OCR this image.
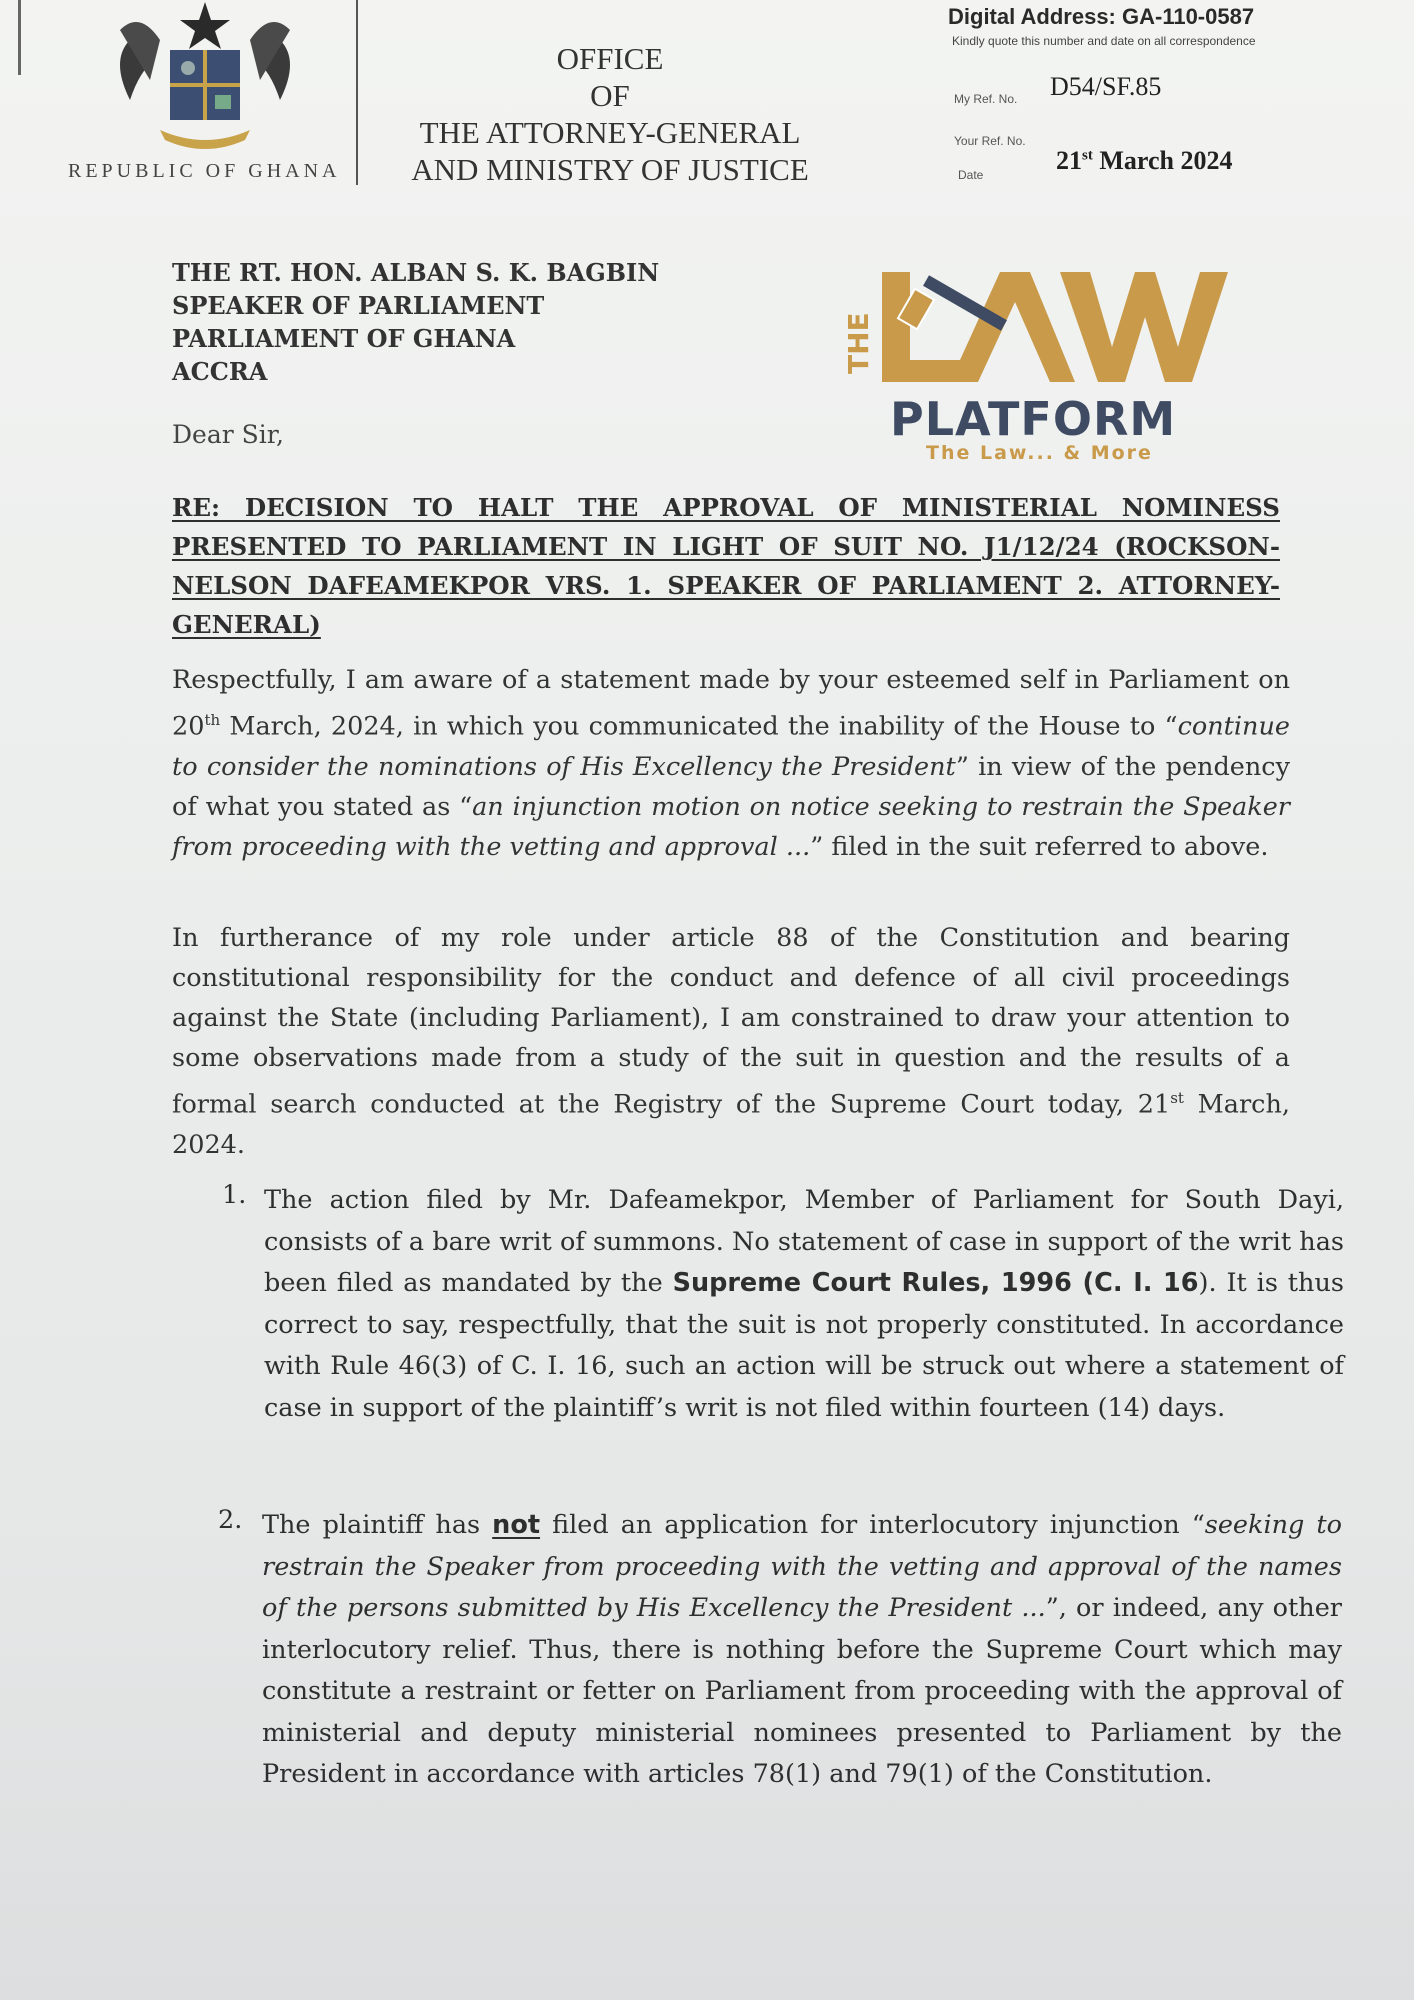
REPUBLIC OF GHANA
OFFICE
OF
THE ATTORNEY-GENERAL
AND MINISTRY OF JUSTICE
Digital Address: GA-110-0587
Kindly quote this number and date on all correspondence
My Ref. No. D54/SF.85
Your Ref. No.
Date	21st March 2024
THE
PLATFORM
The Law... & More
THE RT. HON. ALBAN S. K. BAGBIN
SPEAKER OF PARLIAMENT
PARLIAMENT OF GHANA
ACCRA
Dear Sir,
RE: DECISION TO HALT THE APPROVAL OF MINISTERIAL NOMINESS PRESENTED TO PARLIAMENT IN LIGHT OF SUIT NO. J1/12/24 (ROCKSON-NELSON DAFEAMEKPOR VRS. 1. SPEAKER OF PARLIAMENT 2. ATTORNEY-GENERAL)
Respectfully, I am aware of a statement made by your esteemed self in Parliament on 20th March, 2024, in which you communicated the inability of the House to “continue to consider the nominations of His Excellency the President” in view of the pendency of what you stated as “an injunction motion on notice seeking to restrain the Speaker from proceeding with the vetting and approval ...” filed in the suit referred to above.
In furtherance of my role under article 88 of the Constitution and bearing constitutional responsibility for the conduct and defence of all civil proceedings against the State (including Parliament), I am constrained to draw your attention to some observations made from a study of the suit in question and the results of a formal search conducted at the Registry of the Supreme Court today, 21st March, 2024.
1. The action filed by Mr. Dafeamekpor, Member of Parliament for South Dayi, consists of a bare writ of summons. No statement of case in support of the writ has been filed as mandated by the Supreme Court Rules, 1996 (C. I. 16). It is thus correct to say, respectfully, that the suit is not properly constituted. In accordance with Rule 46(3) of C. I. 16, such an action will be struck out where a statement of case in support of the plaintiff’s writ is not filed within fourteen (14) days.
2. The plaintiff has not filed an application for interlocutory injunction “seeking to restrain the Speaker from proceeding with the vetting and approval of the names of the persons submitted by His Excellency the President ...”, or indeed, any other interlocutory relief. Thus, there is nothing before the Supreme Court which may constitute a restraint or fetter on Parliament from proceeding with the approval of ministerial and deputy ministerial nominees presented to Parliament by the President in accordance with articles 78(1) and 79(1) of the Constitution.
